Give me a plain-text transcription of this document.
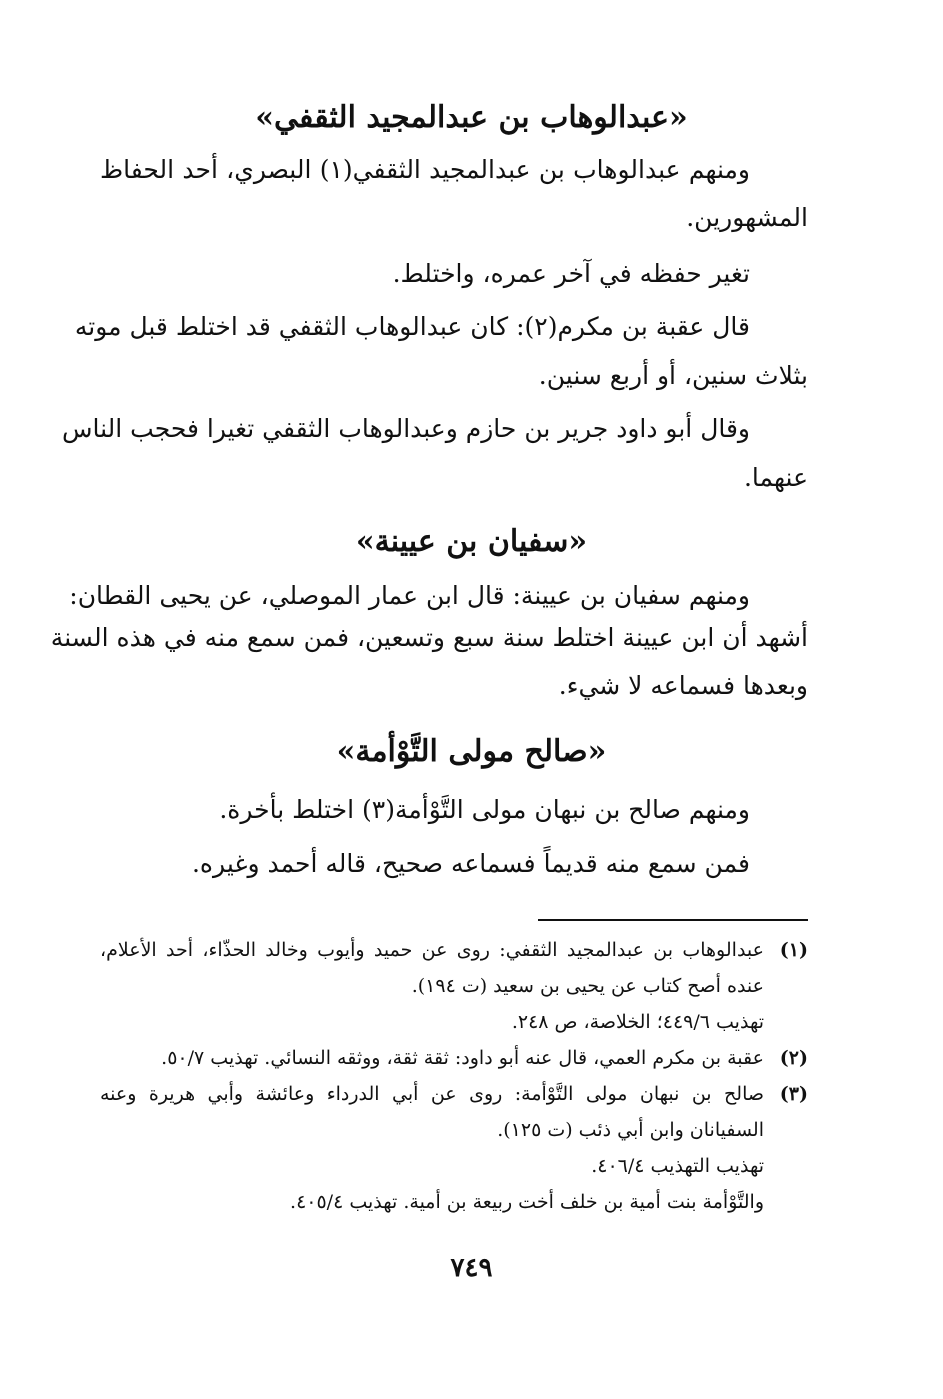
«عبدالوهاب بن عبدالمجيد الثقفي»
ومنهم عبدالوهاب بن عبدالمجيد الثقفي(١) البصري، أحد الحفاظ
المشهورين.
تغير حفظه في آخر عمره، واختلط.
قال عقبة بن مكرم(٢): كان عبدالوهاب الثقفي قد اختلط قبل موته
بثلاث سنين، أو أربع سنين.
وقال أبو داود جرير بن حازم وعبدالوهاب الثقفي تغيرا فحجب الناس
عنهما.
«سفيان بن عيينة»
ومنهم سفيان بن عيينة: قال ابن عمار الموصلي، عن يحيى القطان:
أشهد أن ابن عيينة اختلط سنة سبع وتسعين، فمن سمع منه في هذه السنة
وبعدها فسماعه لا شيء.
«صالح مولى التَّوْأمة»
ومنهم صالح بن نبهان مولى التَّوْأمة(٣) اختلط بأخرة.
فمن سمع منه قديماً فسماعه صحيح، قاله أحمد وغيره.
(١)
عبدالوهاب بن عبدالمجيد الثقفي: روى عن حميد وأيوب وخالد الحذّاء، أحد الأعلام،
عنده أصح كتاب عن يحيى بن سعيد (ت ١٩٤).
تهذيب ٤٤٩/٦؛ الخلاصة، ص ٢٤٨.
(٢)
عقبة بن مكرم العمي، قال عنه أبو داود: ثقة ثقة، ووثقه النسائي. تهذيب ٥٠/٧.
(٣)
صالح بن نبهان مولى التَّوْأمة: روى عن أبي الدرداء وعائشة وأبي هريرة وعنه
السفيانان وابن أبي ذئب (ت ١٢٥).
تهذيب التهذيب ٤٠٦/٤.
والتَّوْأمة بنت أمية بن خلف أخت ربيعة بن أمية. تهذيب ٤٠٥/٤.
٧٤٩
